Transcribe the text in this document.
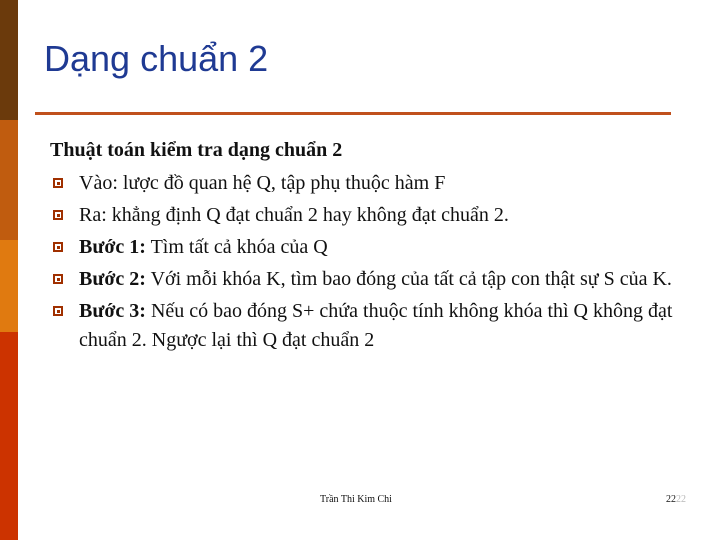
Dạng chuẩn 2

Thuật toán kiểm tra dạng chuẩn 2

Vào: lược đồ quan hệ Q, tập phụ thuộc hàm F
Ra: khẳng định Q đạt chuẩn 2 hay không đạt chuẩn 2.
Bước 1: Tìm tất cả khóa của Q
Bước 2: Với mỗi khóa K, tìm bao đóng của tất cả tập con thật sự S của K.
Bước 3: Nếu có bao đóng S+ chứa thuộc tính không khóa thì Q không đạt chuẩn 2. Ngược lại thì Q đạt chuẩn 2
Trần Thi Kim Chi	2222
